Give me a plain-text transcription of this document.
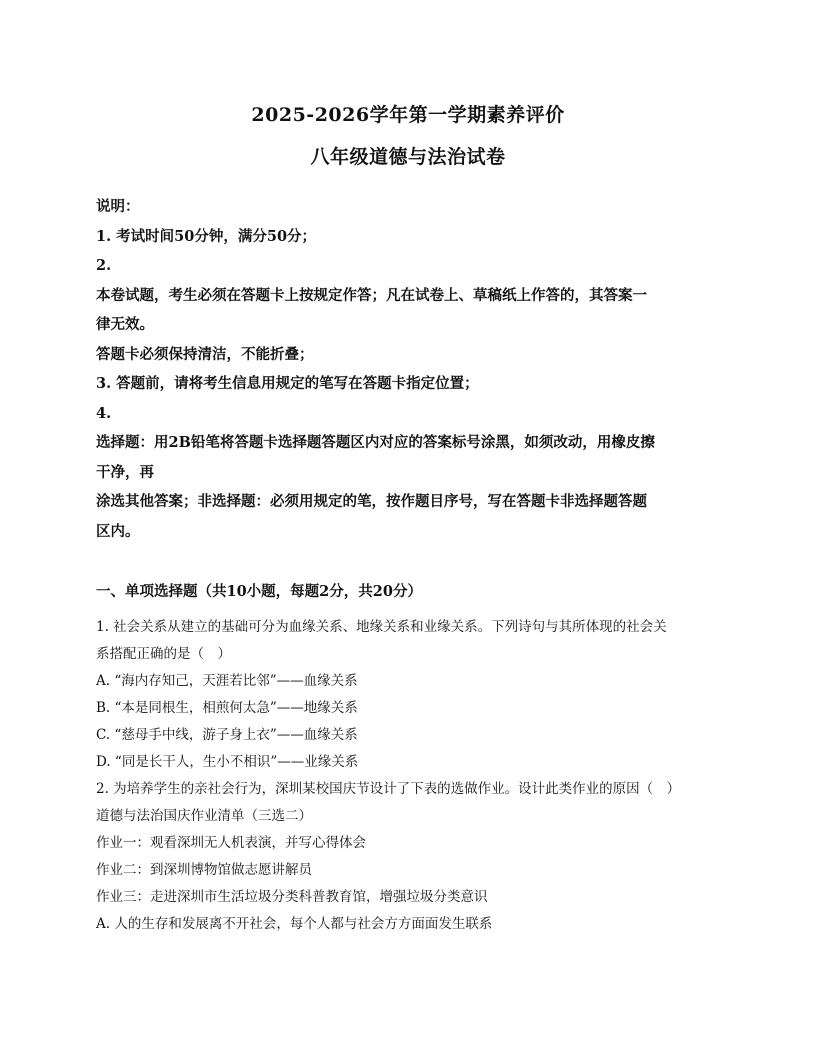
2025-2026学年第一学期素养评价
八年级道德与法治试卷
说明：
1. 考试时间50分钟，满分50分；
2.
本卷试题，考生必须在答题卡上按规定作答；凡在试卷上、草稿纸上作答的，其答案一
律无效。
答题卡必须保持清洁，不能折叠；
3. 答题前，请将考生信息用规定的笔写在答题卡指定位置；
4.
选择题：用2B铅笔将答题卡选择题答题区内对应的答案标号涂黑，如须改动，用橡皮擦
干净，再
涂选其他答案；非选择题：必须用规定的笔，按作题目序号，写在答题卡非选择题答题
区内。
一、单项选择题（共10小题，每题2分，共20分）
1. 社会关系从建立的基础可分为血缘关系、地缘关系和业缘关系。下列诗句与其所体现的社会关
系搭配正确的是（　）
A. “海内存知己，天涯若比邻”——血缘关系
B. “本是同根生，相煎何太急”——地缘关系
C. “慈母手中线，游子身上衣”——血缘关系
D. “同是长干人，生小不相识”——业缘关系
2. 为培养学生的亲社会行为，深圳某校国庆节设计了下表的选做作业。设计此类作业的原因（　）
道德与法治国庆作业清单（三选二）
作业一：观看深圳无人机表演，并写心得体会
作业二：到深圳博物馆做志愿讲解员
作业三：走进深圳市生活垃圾分类科普教育馆，增强垃圾分类意识
A. 人的生存和发展离不开社会，每个人都与社会方方面面发生联系
